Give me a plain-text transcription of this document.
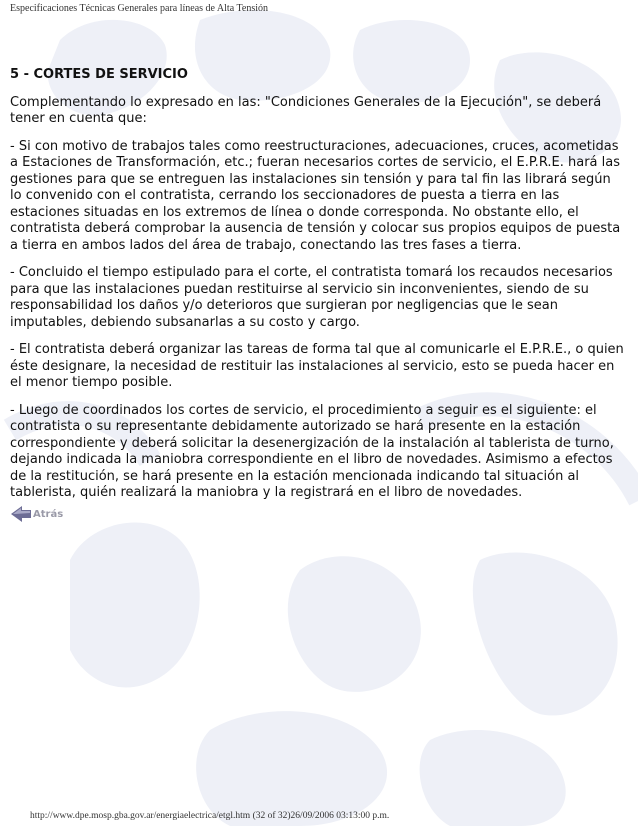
Especificaciones Técnicas Generales para líneas de Alta Tensión
5 - CORTES DE SERVICIO

Complementando lo expresado en las: "Condiciones Generales de la Ejecución", se deberá tener en cuenta que:

- Si con motivo de trabajos tales como reestructuraciones, adecuaciones, cruces, acometidas a Estaciones de Transformación, etc.; fueran necesarios cortes de servicio, el E.P.R.E. hará las gestiones para que se entreguen las instalaciones sin tensión y para tal fin las librará según lo convenido con el contratista, cerrando los seccionadores de puesta a tierra en las estaciones situadas en los extremos de línea o donde corresponda. No obstante ello, el contratista deberá comprobar la ausencia de tensión y colocar sus propios equipos de puesta a tierra en ambos lados del área de trabajo, conectando las tres fases a tierra.

- Concluido el tiempo estipulado para el corte, el contratista tomará los recaudos necesarios para que las instalaciones puedan restituirse al servicio sin inconvenientes, siendo de su responsabilidad los daños y/o deterioros que surgieran por negligencias que le sean imputables, debiendo subsanarlas a su costo y cargo.

- El contratista deberá organizar las tareas de forma tal que al comunicarle el E.P.R.E., o quien éste designare, la necesidad de restituir las instalaciones al servicio, esto se pueda hacer en el menor tiempo posible.

- Luego de coordinados los cortes de servicio, el procedimiento a seguir es el siguiente: el contratista o su representante debidamente autorizado se hará presente en la estación correspondiente y deberá solicitar la desenergización de la instalación al tablerista de turno, dejando indicada la maniobra correspondiente en el libro de novedades. Asimismo a efectos de la restitución, se hará presente en la estación mencionada indicando tal situación al tablerista, quién realizará la maniobra y la registrará en el libro de novedades.

Atrás
http://www.dpe.mosp.gba.gov.ar/energiaelectrica/etgl.htm (32 of 32)26/09/2006 03:13:00 p.m.
